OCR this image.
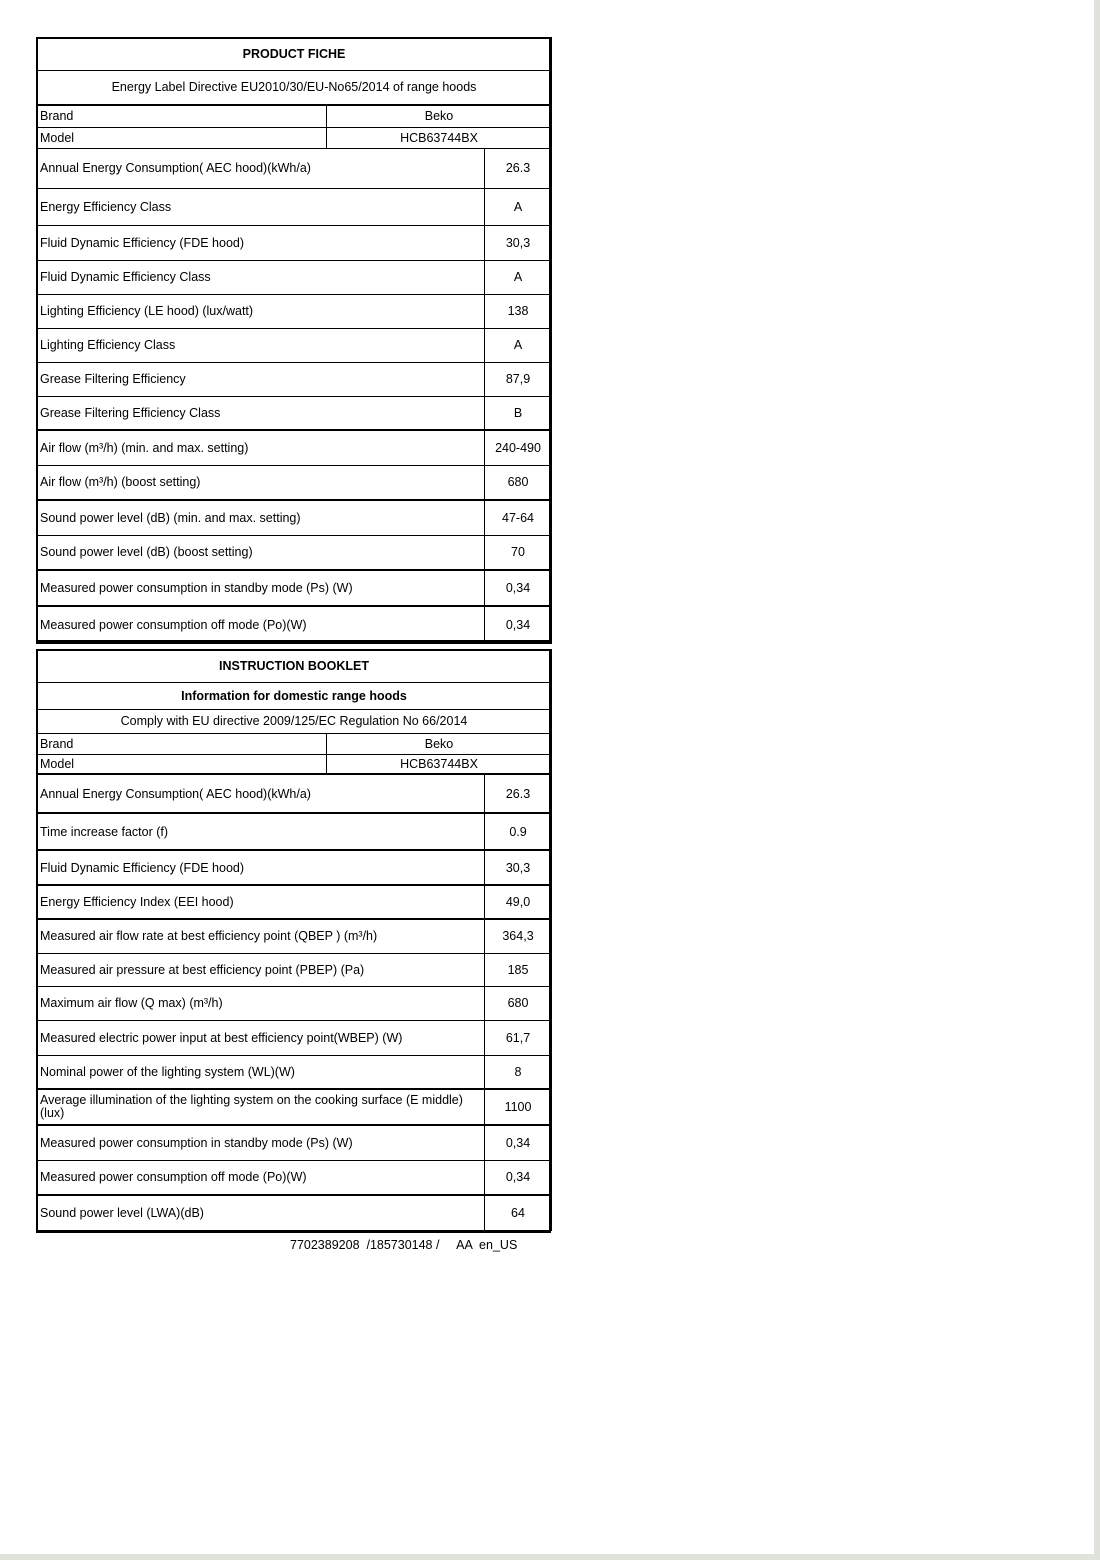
PRODUCT FICHE		
Energy Label Directive EU2010/30/EU-No65/2014 of range hoods		
Brand	Beko	
Model	HCB63744BX	
Annual Energy Consumption( AEC hood)(kWh/a)		26.3
Energy Efficiency Class		A
Fluid Dynamic Efficiency (FDE hood)		30,3
Fluid Dynamic Efficiency Class		A
Lighting Efficiency (LE hood) (lux/watt)		138
Lighting Efficiency Class		A
Grease Filtering Efficiency		87,9
Grease Filtering Efficiency Class		B
Air flow (m³/h) (min. and max. setting)		240-490
Air flow (m³/h) (boost setting)		680
Sound power level (dB) (min. and max. setting)		47-64
Sound power level (dB) (boost setting)		70
Measured power consumption in standby mode (Ps) (W)		0,34
Measured power consumption off mode (Po)(W)		0,34
INSTRUCTION BOOKLET		
Information for domestic range hoods		
Comply with EU directive 2009/125/EC Regulation No 66/2014		
Brand	Beko	
Model	HCB63744BX	
Annual Energy Consumption( AEC hood)(kWh/a)		26.3
Time increase factor (f)		0.9
Fluid Dynamic Efficiency (FDE hood)		30,3
Energy Efficiency Index (EEI hood)		49,0
Measured air flow rate at best efficiency point (QBEP ) (m³/h)		364,3
Measured air pressure at best efficiency point (PBEP) (Pa)		185
Maximum air flow (Q max) (m³/h)		680
Measured electric power input at best efficiency point(WBEP) (W)		61,7
Nominal power of the lighting system (WL)(W)		8
Average illumination of the lighting system on the cooking surface (E middle)(lux)		1100
Measured power consumption in standby mode (Ps) (W)		0,34
Measured power consumption off mode (Po)(W)		0,34
Sound power level (LWA)(dB)		64
7702389208  /185730148 /     AA  en_US
